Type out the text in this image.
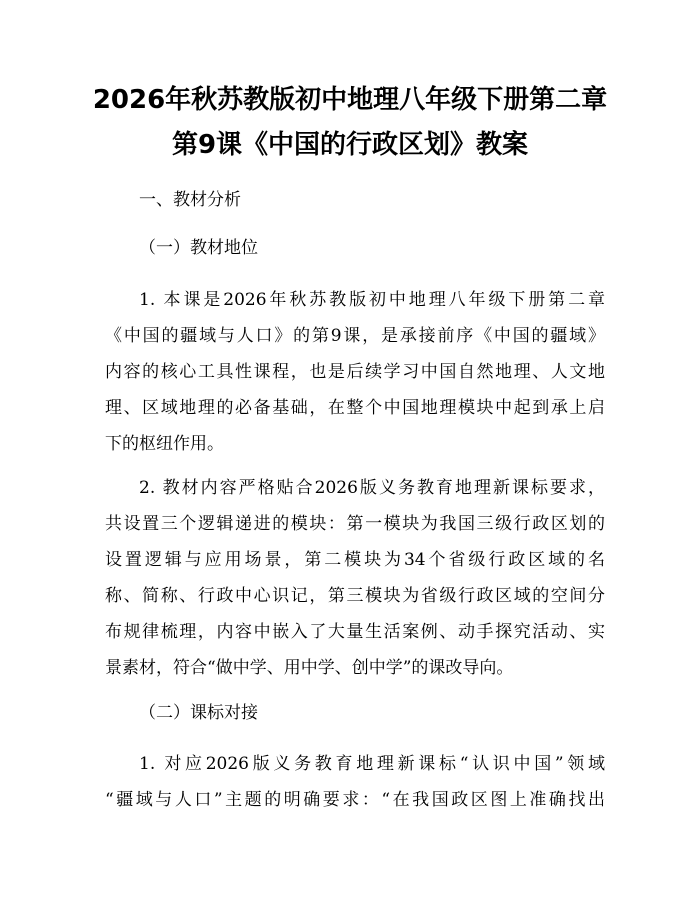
2026年秋苏教版初中地理八年级下册第二章
第9课《中国的行政区划》教案
一、教材分析
（一）教材地位
1. 本课是2026年秋苏教版初中地理八年级下册第二章
《中国的疆域与人口》的第9课，是承接前序《中国的疆域》
内容的核心工具性课程，也是后续学习中国自然地理、人文地
理、区域地理的必备基础，在整个中国地理模块中起到承上启
下的枢纽作用。
2. 教材内容严格贴合2026版义务教育地理新课标要求，
共设置三个逻辑递进的模块：第一模块为我国三级行政区划的
设置逻辑与应用场景，第二模块为34个省级行政区域的名
称、简称、行政中心识记，第三模块为省级行政区域的空间分
布规律梳理，内容中嵌入了大量生活案例、动手探究活动、实
景素材，符合“做中学、用中学、创中学”的课改导向。
（二）课标对接
1. 对应2026版义务教育地理新课标“认识中国”领域
“疆域与人口”主题的明确要求：“在我国政区图上准确找出
